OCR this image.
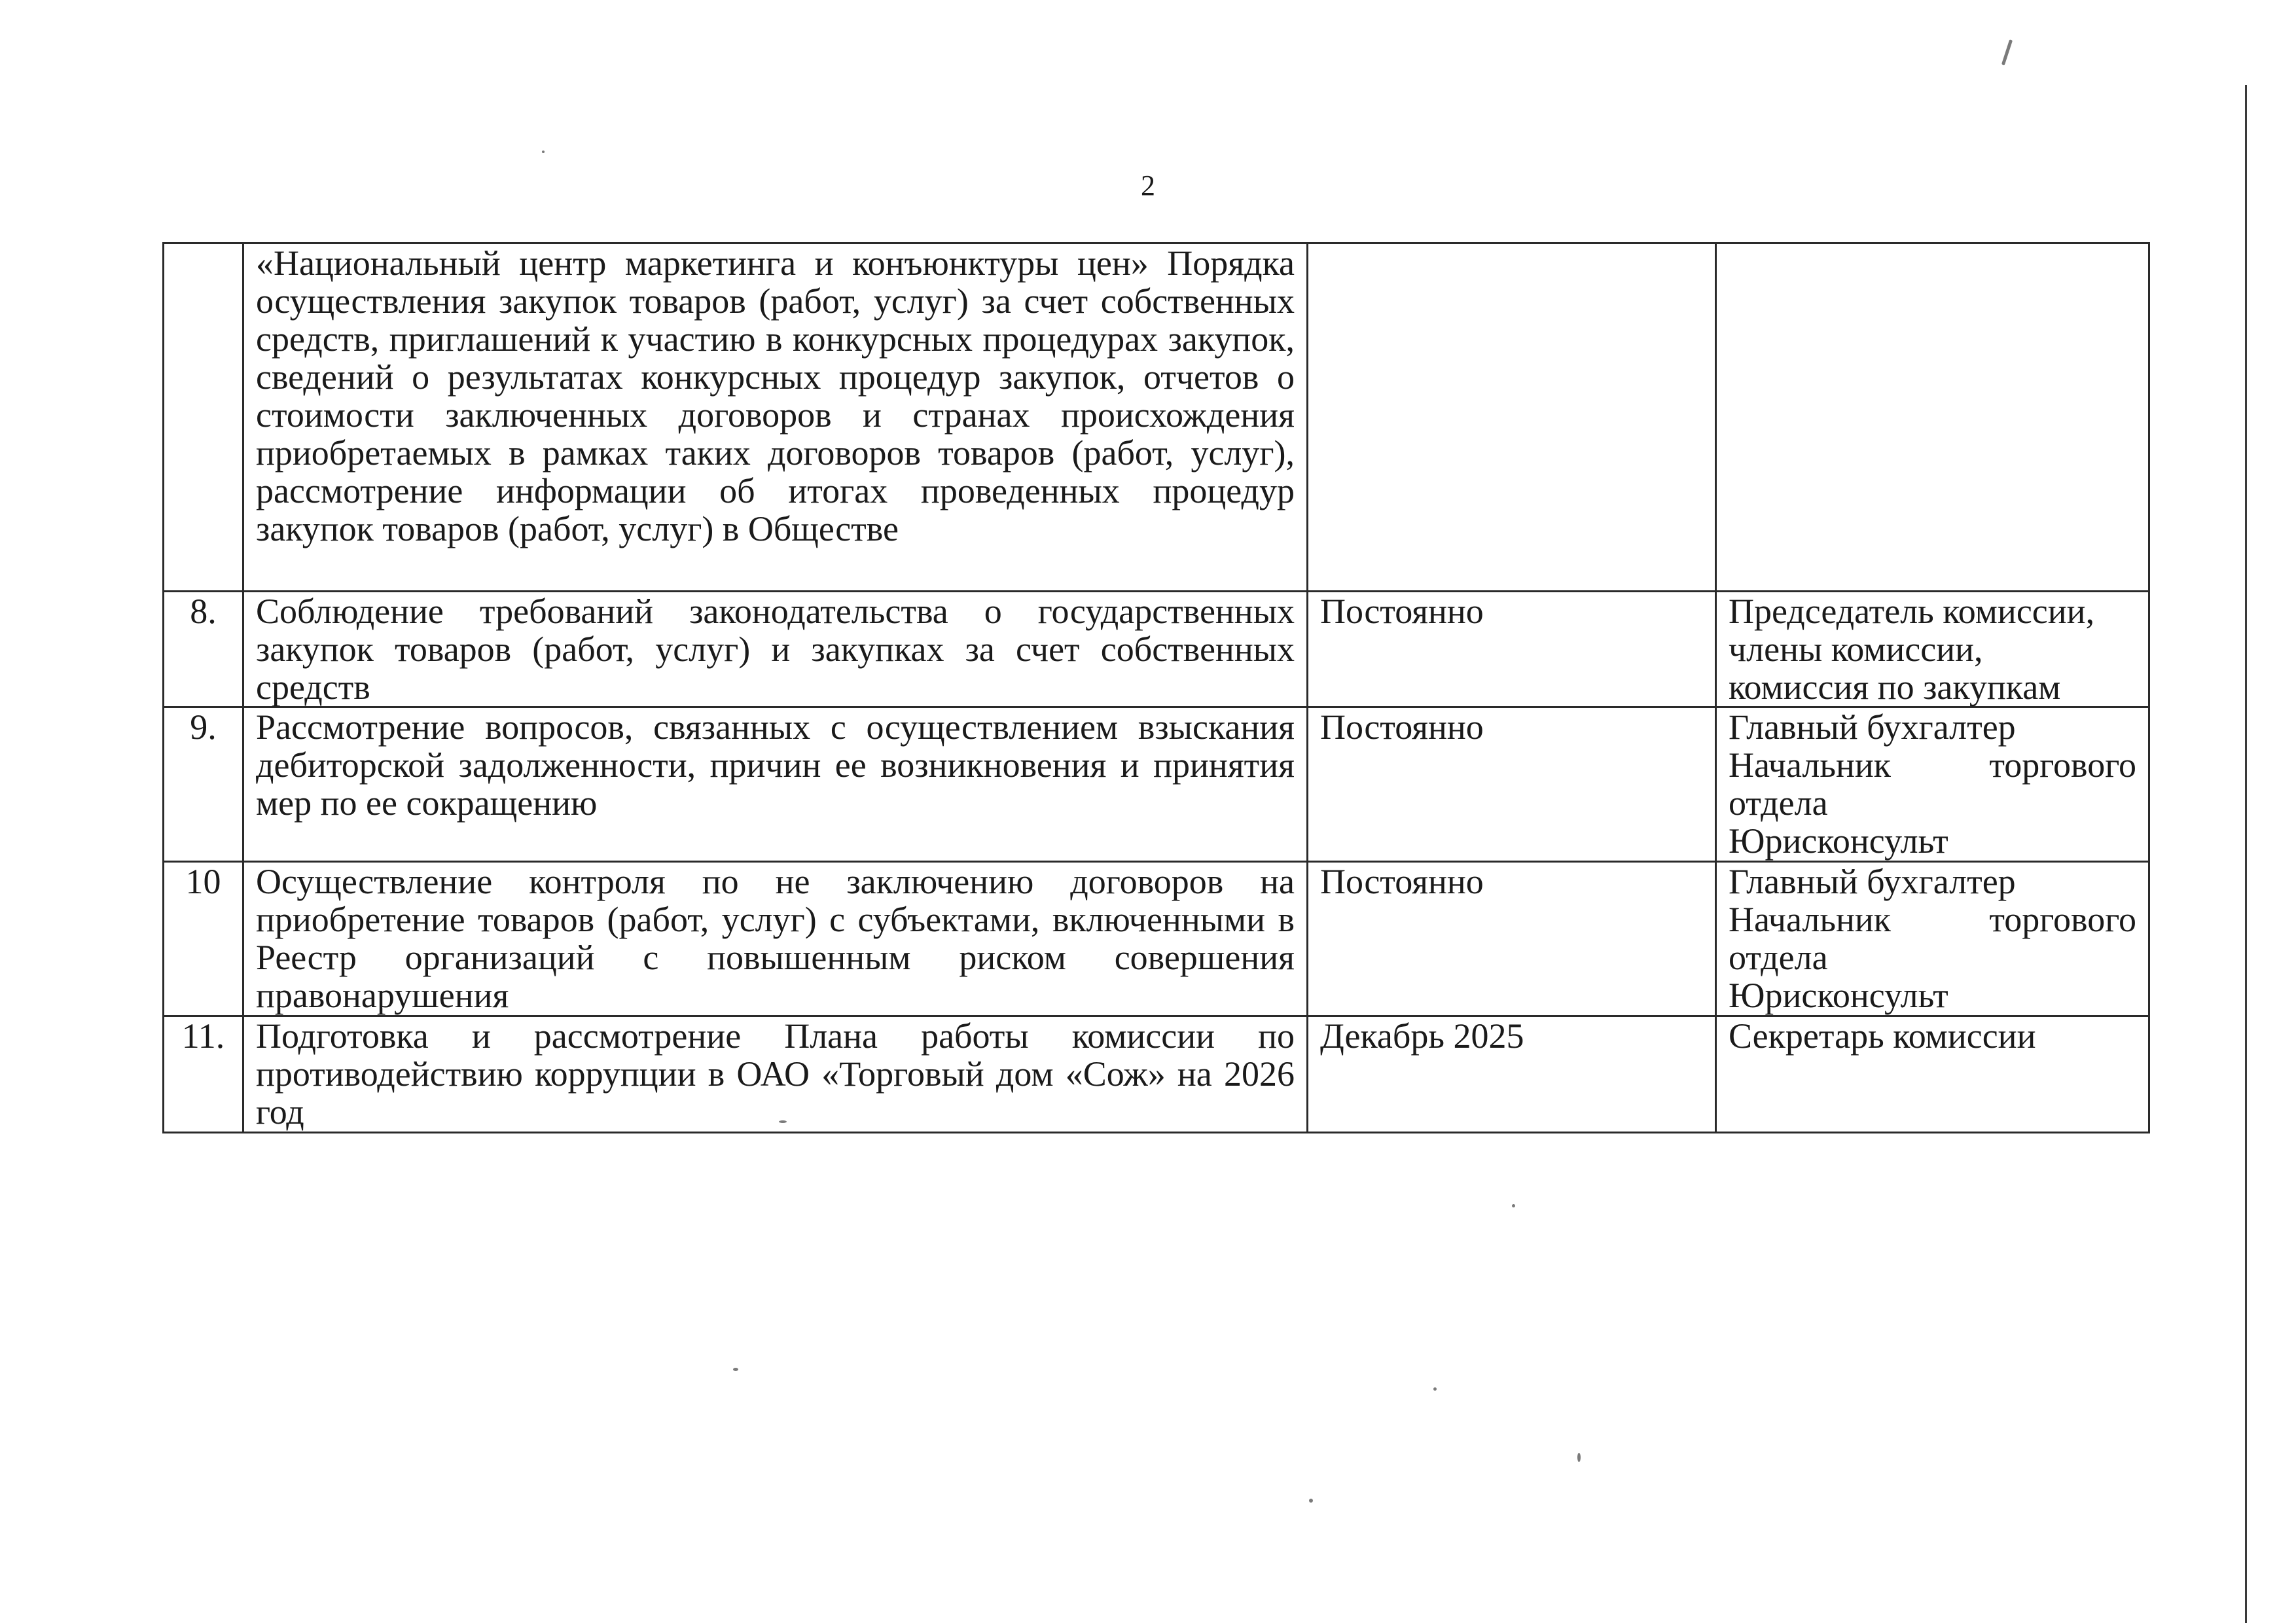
2
	«Национальный центр маркетинга и конъюнктуры цен» Порядка осуществления закупок товаров (работ, услуг) за счет собственных средств, приглашений к участию в конкурсных процедурах закупок, сведений о результатах конкурсных процедур закупок, отчетов о стоимости заключенных договоров и странах происхождения приобретаемых в рамках таких договоров товаров (работ, услуг), рассмотрение информации об итогах проведенных процедур закупок товаров (работ, услуг) в Обществе		
8.	Соблюдение требований законодательства о государственных закупок товаров (работ, услуг) и закупках за счет собственных средств	Постоянно	Председатель комиссии,
члены комиссии,
комиссия по закупкам

9.	Рассмотрение вопросов, связанных с осуществлением взыскания дебиторской задолженности, причин ее возникновения и принятия мер по ее сокращению	Постоянно	Главный бухгалтер
Начальник торгового
отдела
Юрисконсульт

10	Осуществление контроля по не заключению договоров на приобретение товаров (работ, услуг) с субъектами, включенными в Реестр организаций с повышенным риском совершения правонарушения	Постоянно	Главный бухгалтер
Начальник торгового
отдела
Юрисконсульт

11.	Подготовка и рассмотрение Плана работы комиссии по противодействию коррупции в ОАО «Торговый дом «Сож» на 2026 год	Декабрь 2025	Секретарь комиссии
